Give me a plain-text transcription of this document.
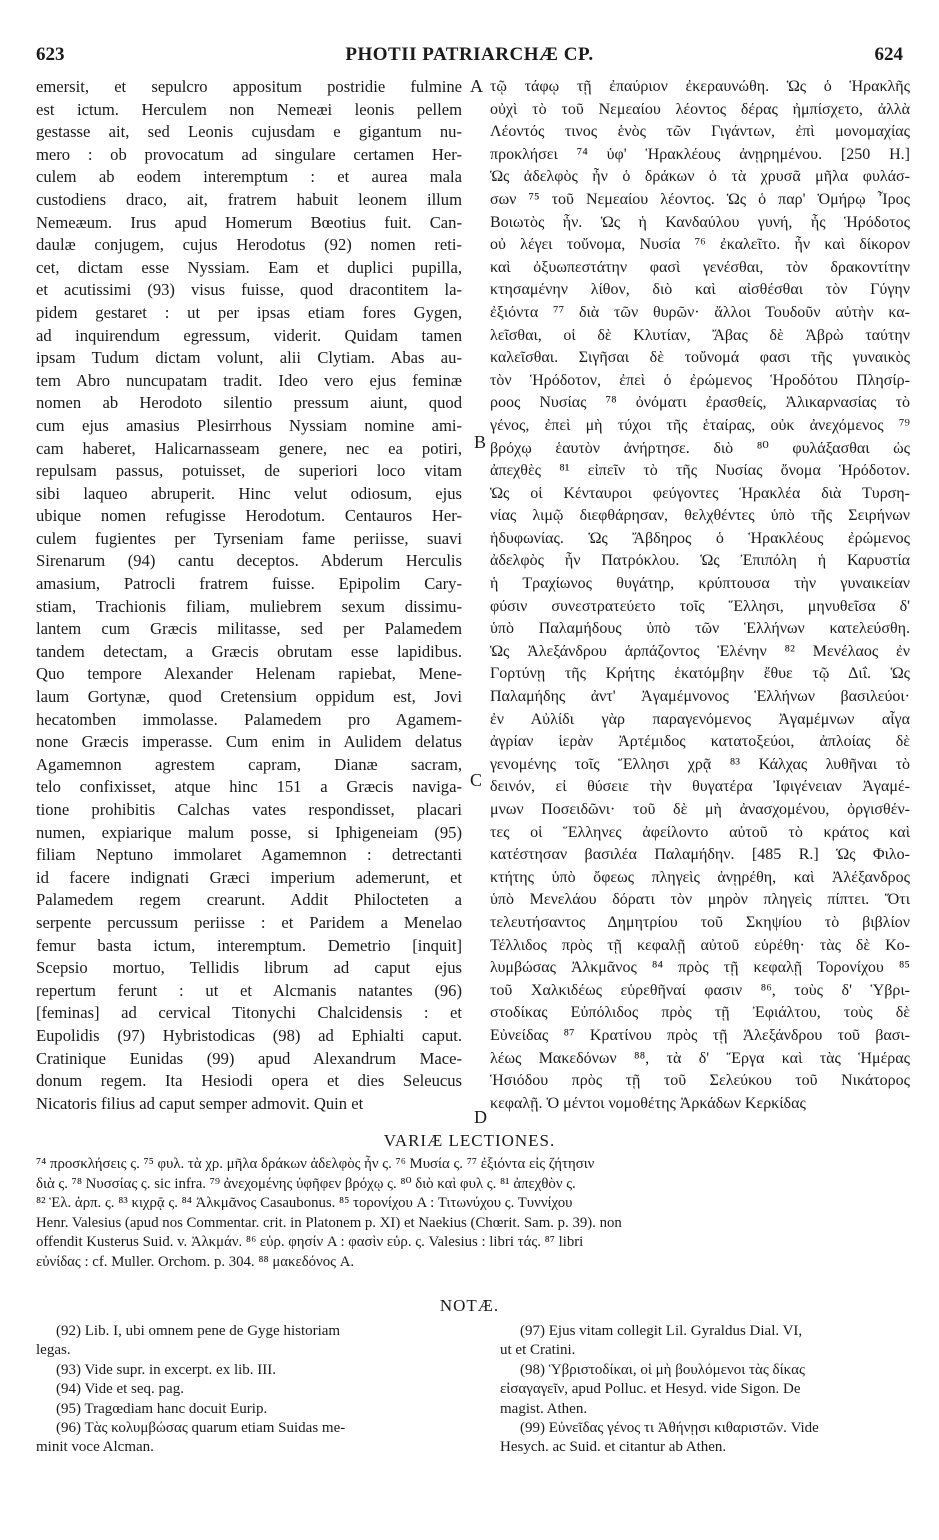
623	PHOTII PATRIARCHÆ CP.	624
emersit, et sepulcro appositum postridie fulmine
est ictum. Herculem non Nemeæi leonis pellem
gestasse ait, sed Leonis cujusdam e gigantum nu-
mero : ob provocatum ad singulare certamen Her-
culem ab eodem interemptum : et aurea mala
custodiens draco, ait, fratrem habuit leonem illum
Nemeæum. Irus apud Homerum Bœotius fuit. Can-
daulæ conjugem, cujus Herodotus (92) nomen reti-
cet, dictam esse Nyssiam. Eam et duplici pupilla,
et acutissimi (93) visus fuisse, quod dracontitem la-
pidem gestaret : ut per ipsas etiam fores Gygen,
ad inquirendum egressum, viderit. Quidam tamen
ipsam Tudum dictam volunt, alii Clytiam. Abas au-
tem Abro nuncupatam tradit. Ideo vero ejus feminæ
nomen ab Herodoto silentio pressum aiunt, quod
cum ejus amasius Plesirrhous Nyssiam nomine ami-
cam haberet, Halicarnasseam genere, nec ea potiri,
repulsam passus, potuisset, de superiori loco vitam
sibi laqueo abruperit. Hinc velut odiosum, ejus
ubique nomen refugisse Herodotum. Centauros Her-
culem fugientes per Tyrseniam fame periisse, suavi
Sirenarum (94) cantu deceptos. Abderum Herculis
amasium, Patrocli fratrem fuisse. Epipolim Cary-
stiam, Trachionis filiam, muliebrem sexum dissimu-
lantem cum Græcis militasse, sed per Palamedem
tandem detectam, a Græcis obrutam esse lapidibus.
Quo tempore Alexander Helenam rapiebat, Mene-
laum Gortynæ, quod Cretensium oppidum est, Jovi
hecatomben immolasse. Palamedem pro Agamem-
none Græcis imperasse. Cum enim in Aulidem delatus
Agamemnon agrestem capram, Dianæ sacram,
telo confixisset, atque hinc 151 a Græcis naviga-
tione prohibitis Calchas vates respondisset, placari
numen, expiarique malum posse, si Iphigeneiam (95)
filiam Neptuno immolaret Agamemnon : detrectanti
id facere indignati Græci imperium ademerunt, et
Palamedem regem crearunt. Addit Philocteten a
serpente percussum periisse : et Paridem a Menelao
femur basta ictum, interemptum. Demetrio [inquit]
Scepsio mortuo, Tellidis librum ad caput ejus
repertum ferunt : ut et Alcmanis natantes (96)
[feminas] ad cervical Titonychi Chalcidensis : et
Eupolidis (97) Hybristodicas (98) ad Ephialti caput.
Cratinique Eunidas (99) apud Alexandrum Mace-
donum regem. Ita Hesiodi opera et dies Seleucus
Nicatoris filius ad caput semper admovit. Quin et
τῷ τάφῳ τῇ ἐπαύριον ἐκεραυνώθη. Ὡς ὁ Ἡρακλῆς
οὐχὶ τὸ τοῦ Νεμεαίου λέοντος δέρας ἠμπίσχετο, ἀλλὰ
Λέοντός τινος ἑνὸς τῶν Γιγάντων, ἐπὶ μονομαχίας
προκλήσει ⁷⁴ ὑφ' Ἡρακλέους ἀνῃρημένου. [250 H.]
Ὡς ἀδελφὸς ἦν ὁ δράκων ὁ τὰ χρυσᾶ μῆλα φυλάσ-
σων ⁷⁵ τοῦ Νεμεαίου λέοντος. Ὡς ὁ παρ' Ὁμήρῳ Ἶρος
Βοιωτὸς ἦν. Ὡς ἡ Κανδαύλου γυνή, ἧς Ἡρόδοτος
οὐ λέγει τοὔνομα, Νυσία ⁷⁶ ἐκαλεῖτο. ἦν καὶ δίκορον
καὶ ὀξυωπεστάτην φασὶ γενέσθαι, τὸν δρακοντίτην
κτησαμένην λίθον, διὸ καὶ αἰσθέσθαι τὸν Γύγην
ἐξιόντα ⁷⁷ διὰ τῶν θυρῶν· ἄλλοι Τουδοῦν αὐτὴν κα-
λεῖσθαι, οἱ δὲ Κλυτίαν, Ἄβας δὲ Ἁβρὼ ταύτην
καλεῖσθαι. Σιγῆσαι δὲ τοὔνομά φασι τῆς γυναικὸς
τὸν Ἡρόδοτον, ἐπεὶ ὁ ἐρώμενος Ἡροδότου Πλησίρ-
ροος Νυσίας ⁷⁸ ὀνόματι ἐρασθείς, Ἁλικαρνασίας τὸ
γένος, ἐπεὶ μὴ τύχοι τῆς ἑταίρας, οὐκ ἀνεχόμενος ⁷⁹
βρόχῳ ἑαυτὸν ἀνήρτησε. διὸ ⁸⁰ φυλάξασθαι ὡς
ἀπεχθὲς ⁸¹ εἰπεῖν τὸ τῆς Νυσίας ὄνομα Ἡρόδοτον.
Ὡς οἱ Κένταυροι φεύγοντες Ἡρακλέα διὰ Τυρση-
νίας λιμῷ διεφθάρησαν, θελχθέντες ὑπὸ τῆς Σειρήνων
ἡδυφωνίας. Ὡς Ἄβδηρος ὁ Ἡρακλέους ἐρώμενος
ἀδελφὸς ἦν Πατρόκλου. Ὡς Ἐπιπόλη ἡ Καρυστία
ἡ Τραχίωνος θυγάτηρ, κρύπτουσα τὴν γυναικείαν
φύσιν συνεστρατεύετο τοῖς Ἕλλησι, μηνυθεῖσα δ'
ὑπὸ Παλαμήδους ὑπὸ τῶν Ἑλλήνων κατελεύσθη.
Ὡς Ἀλεξάνδρου ἁρπάζοντος Ἑλένην ⁸² Μενέλαος ἐν
Γορτύνῃ τῆς Κρήτης ἑκατόμβην ἔθυε τῷ Διΐ. Ὡς
Παλαμήδης ἀντ' Ἀγαμέμνονος Ἑλλήνων βασιλεύοι·
ἐν Αὐλίδι γὰρ παραγενόμενος Ἀγαμέμνων αἶγα
ἀγρίαν ἱερὰν Ἀρτέμιδος κατατοξεύοι, ἀπλοίας δὲ
γενομένης τοῖς Ἕλλησι χρᾷ ⁸³ Κάλχας λυθῆναι τὸ
δεινόν, εἰ θύσειε τὴν θυγατέρα Ἰφιγένειαν Ἀγαμέ-
μνων Ποσειδῶνι· τοῦ δὲ μὴ ἀνασχομένου, ὀργισθέν-
τες οἱ Ἕλληνες ἀφείλοντο αὐτοῦ τὸ κράτος καὶ
κατέστησαν βασιλέα Παλαμήδην. [485 R.] Ὡς Φιλο-
κτήτης ὑπὸ ὄφεως πληγεὶς ἀνῃρέθη, καὶ Ἀλέξανδρος
ὑπὸ Μενελάου δόρατι τὸν μηρὸν πληγεὶς πίπτει. Ὅτι
τελευτήσαντος Δημητρίου τοῦ Σκηψίου τὸ βιβλίον
Τέλλιδος πρὸς τῇ κεφαλῇ αὐτοῦ εὑρέθη· τὰς δὲ Κο-
λυμβώσας Ἀλκμᾶνος ⁸⁴ πρὸς τῇ κεφαλῇ Τορονίχου ⁸⁵
τοῦ Χαλκιδέως εὑρεθῆναί φασιν ⁸⁶, τοὺς δ' Ὑβρι-
στοδίκας Εὐπόλιδος πρὸς τῇ Ἐφιάλτου, τοὺς δὲ
Εὐνείδας ⁸⁷ Κρατίνου πρὸς τῇ Ἀλεξάνδρου τοῦ βασι-
λέως Μακεδόνων ⁸⁸, τὰ δ' Ἔργα καὶ τὰς Ἡμέρας
Ἡσιόδου πρὸς τῇ τοῦ Σελεύκου τοῦ Νικάτορος
κεφαλῇ. Ὁ μέντοι νομοθέτης Ἀρκάδων Κερκίδας
A
B
C
D
VARIÆ LECTIONES.
⁷⁴ προσκλήσεις ς. ⁷⁵ φυλ. τὰ χρ. μῆλα δράκων ἀδελφὸς ἦν ς. ⁷⁶ Μυσία ς. ⁷⁷ ἐξιόντα εἰς ζήτησιν
διὰ ς. ⁷⁸ Νυσσίας ς. sic infra. ⁷⁹ ἀνεχομένης ὑφῆφεν βρόχῳ ς. ⁸⁰ διὸ καὶ φυλ ς. ⁸¹ ἀπεχθὸν ς.
⁸² Ἑλ. ἁρπ. ς. ⁸³ κιχρᾷ ς. ⁸⁴ Ἀλκμᾶνος Casaubonus. ⁸⁵ τορονίχου A : Τιτωνύχου ς. Τυννίχου
Henr. Valesius (apud nos Commentar. crit. in Platonem p. XI) et Naekius (Chœrit. Sam. p. 39). non
offendit Kusterus Suid. v. Ἀλκμάν. ⁸⁶ εὑρ. φησίν A : φασὶν εὑρ. ς. Valesius : libri τάς. ⁸⁷ libri
εὐνίδας : cf. Muller. Orchom. p. 304. ⁸⁸ μακεδόνος A.
NOTÆ.
(92) Lib. I, ubi omnem pene de Gyge historiam
legas.
(93) Vide supr. in excerpt. ex lib. III.
(94) Vide et seq. pag.
(95) Tragœdiam hanc docuit Eurip.
(96) Τὰς κολυμβώσας quarum etiam Suidas me-
minit voce Alcman.
(97) Ejus vitam collegit Lil. Gyraldus Dial. VI,
ut et Cratini.
(98) Ὑβριστοδίκαι, οἱ μὴ βουλόμενοι τὰς δίκας
εἰσαγαγεῖν, apud Polluc. et Hesyd. vide Sigon. De
magist. Athen.
(99) Εὐνεῖδας γένος τι Ἀθήνῃσι κιθαριστῶν. Vide
Hesych. ac Suid. et citantur ab Athen.
